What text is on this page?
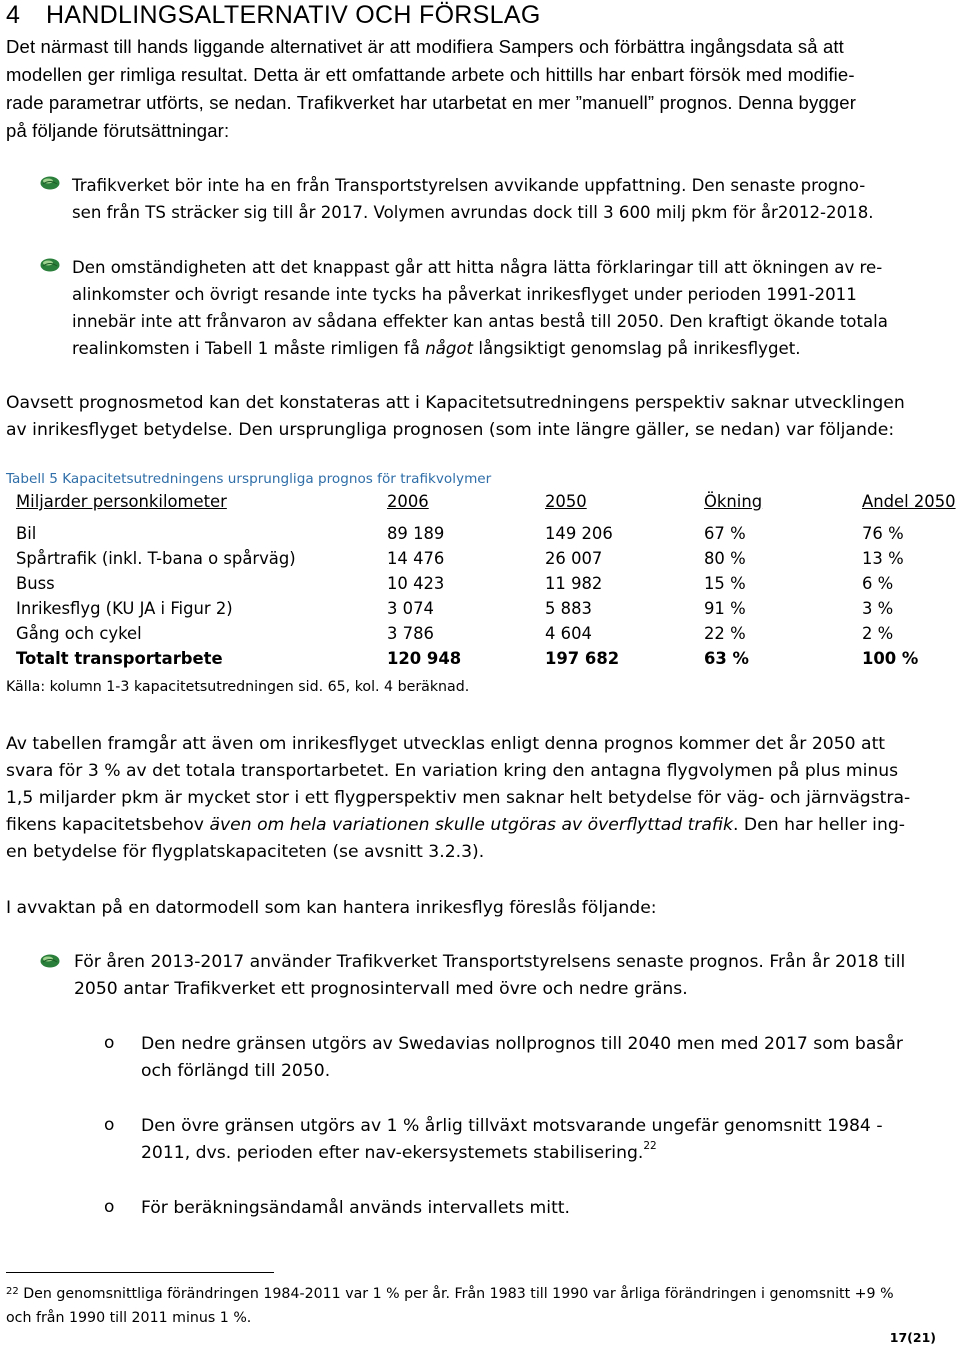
4 HANDLINGSALTERNATIV OCH FÖRSLAG
Det närmast till hands liggande alternativet är att modifiera Sampers och förbättra ingångsdata så att
modellen ger rimliga resultat. Detta är ett omfattande arbete och hittills har enbart försök med modifie-
rade parametrar utförts, se nedan. Trafikverket har utarbetat en mer ”manuell” prognos. Denna bygger
på följande förutsättningar:
Trafikverket bör inte ha en från Transportstyrelsen avvikande uppfattning. Den senaste progno-
sen från TS sträcker sig till år 2017. Volymen avrundas dock till 3 600 milj pkm för år2012-2018.
Den omständigheten att det knappast går att hitta några lätta förklaringar till att ökningen av re-
alinkomster och övrigt resande inte tycks ha påverkat inrikesflyget under perioden 1991-2011
innebär inte att frånvaron av sådana effekter kan antas bestå till 2050. Den kraftigt ökande totala
realinkomsten i Tabell 1 måste rimligen få något långsiktigt genomslag på inrikesflyget.
Oavsett prognosmetod kan det konstateras att i Kapacitetsutredningens perspektiv saknar utvecklingen
av inrikesflyget betydelse. Den ursprungliga prognosen (som inte längre gäller, se nedan) var följande:
Tabell 5 Kapacitetsutredningens ursprungliga prognos för trafikvolymer
Miljarder personkilometer	2006	2050	Ökning	Andel 2050
Bil	89 189	149 206	67 %	76 %
Spårtrafik (inkl. T-bana o spårväg)	14 476	26 007	80 %	13 %
Buss	10 423	11 982	15 %	6 %
Inrikesflyg (KU JA i Figur 2)	3 074	5 883	91 %	3 %
Gång och cykel	3 786	4 604	22 %	2 %
Totalt transportarbete	120 948	197 682	63 %	100 %
Källa: kolumn 1-3 kapacitetsutredningen sid. 65, kol. 4 beräknad.
Av tabellen framgår att även om inrikesflyget utvecklas enligt denna prognos kommer det år 2050 att
svara för 3 % av det totala transportarbetet. En variation kring den antagna flygvolymen på plus minus
1,5 miljarder pkm är mycket stor i ett flygperspektiv men saknar helt betydelse för väg- och järnvägstra-
fikens kapacitetsbehov även om hela variationen skulle utgöras av överflyttad trafik. Den har heller ing-
en betydelse för flygplatskapaciteten (se avsnitt 3.2.3).
I avvaktan på en datormodell som kan hantera inrikesflyg föreslås följande:
För åren 2013-2017 använder Trafikverket Transportstyrelsens senaste prognos. Från år 2018 till
2050 antar Trafikverket ett prognosintervall med övre och nedre gräns.
o Den nedre gränsen utgörs av Swedavias nollprognos till 2040 men med 2017 som basår
och förlängd till 2050.
o Den övre gränsen utgörs av 1 % årlig tillväxt motsvarande ungefär genomsnitt 1984 -
2011, dvs. perioden efter nav-ekersystemets stabilisering.$^{22}$
o För beräkningsändamål används intervallets mitt.
$^{22}$ Den genomsnittliga förändringen 1984-2011 var 1 % per år. Från 1983 till 1990 var årliga förändringen i genomsnitt +9 %
och från 1990 till 2011 minus 1 %.
17(21)
